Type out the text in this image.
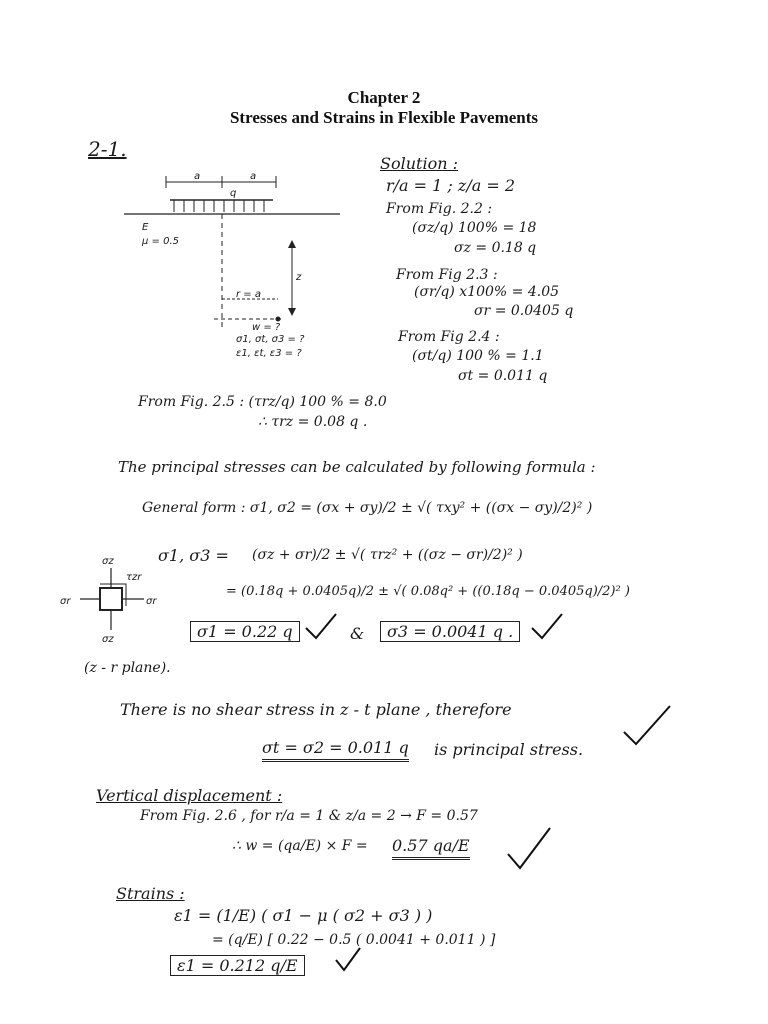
Chapter 2
Stresses and Strains in Flexible Pavements
2-1.
a	a
q
E
μ = 0.5
z
r = a
w = ?
σ1, σt, σ3 = ?
ε1, εt, ε3 = ?
Solution :
r/a = 1 ; z/a = 2
From Fig. 2.2 :
(σz/q) 100% = 18
σz = 0.18 q
From Fig 2.3 :
(σr/q) x100% = 4.05
σr = 0.0405 q
From Fig 2.4 :
(σt/q) 100 % = 1.1
σt = 0.011 q
From Fig. 2.5 : (τrz/q) 100 % = 8.0
∴ τrz = 0.08 q .
The principal stresses can be calculated by following formula :
General form : σ1, σ2 = (σx + σy)/2 ± √( τxy² + ((σx − σy)/2)² )
σ1, σ3 = (σz + σr)/2 ± √( τrz² + ((σz − σr)/2)² )
= (0.18q + 0.0405q)/2 ± √( 0.08q² + ((0.18q − 0.0405q)/2)² )
σz
τzr
σr	σr
σz	σ1 = 0.22 q	&	σ3 = 0.0041 q .
(z - r plane).
There is no shear stress in z - t plane , therefore
σt = σ2 = 0.011 q is principal stress.
Vertical displacement :
From Fig. 2.6 , for r/a = 1 & z/a = 2 → F = 0.57
∴ w = (qa/E) × F = 0.57 qa/E
Strains :
ε1 = (1/E) ( σ1 − μ ( σ2 + σ3 ) )
= (q/E) [ 0.22 − 0.5 ( 0.0041 + 0.011 ) ]
ε1 = 0.212 q/E
